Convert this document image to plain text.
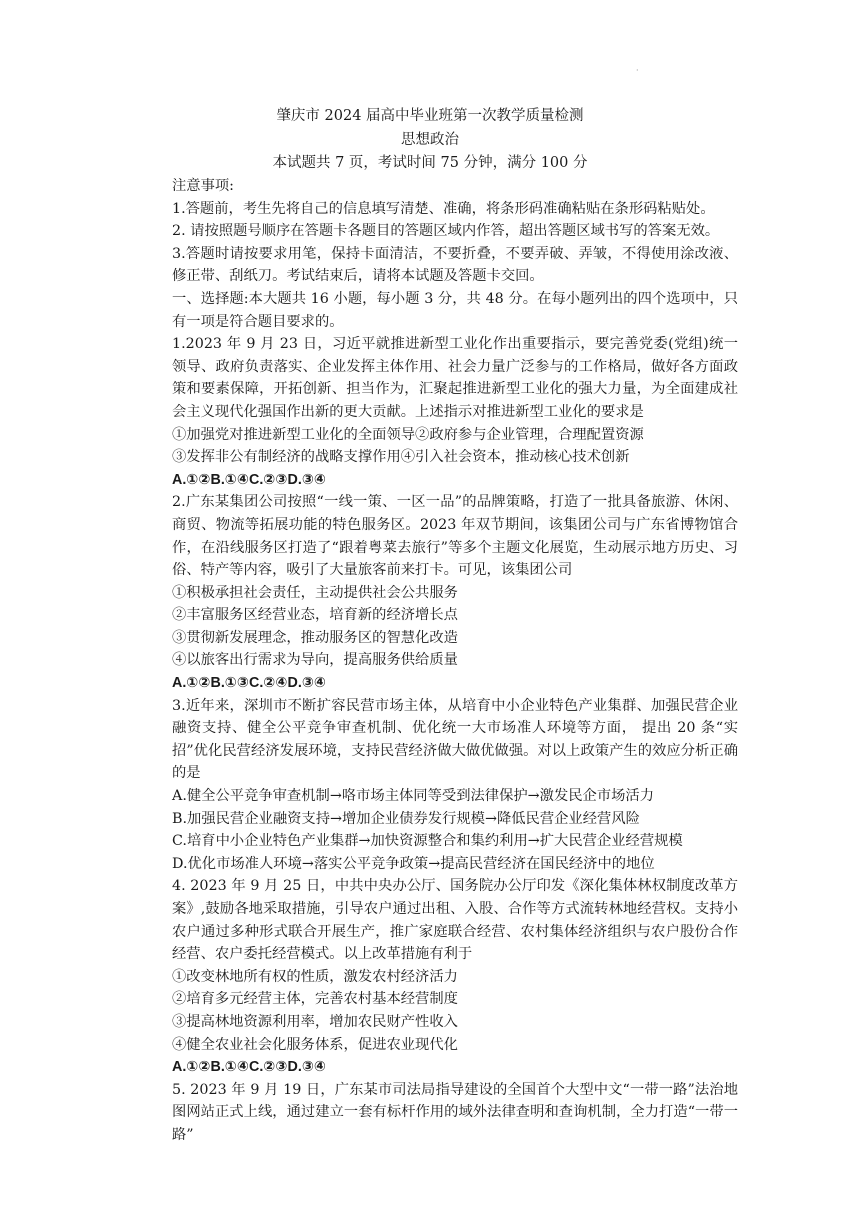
·
肇庆市 2024 届高中毕业班第一次教学质量检测
思想政治
本试题共 7 页，考试时间 75 分钟，满分 100 分

注意事项:

1.答题前，考生先将自己的信息填写清楚、准确，将条形码准确粘贴在条形码粘贴处。

2. 请按照题号顺序在答题卡各题目的答题区域内作答，超出答题区域书写的答案无效。

3.答题时请按要求用笔，保持卡面清洁，不要折叠，不要弄破、弄皱，不得使用涂改液、修正带、刮纸刀。考试结束后，请将本试题及答题卡交回。

一、选择题:本大题共 16 小题，每小题 3 分，共 48 分。在每小题列出的四个选项中，只有一项是符合题目要求的。

1.2023 年 9 月 23 日，习近平就推进新型工业化作出重要指示，要完善党委(党组)统一领导、政府负责落实、企业发挥主体作用、社会力量广泛参与的工作格局，做好各方面政策和要素保障，开拓创新、担当作为，汇聚起推进新型工业化的强大力量，为全面建成社会主义现代化强国作出新的更大贡献。上述指示对推进新型工业化的要求是

①加强党对推进新型工业化的全面领导②政府参与企业管理，合理配置资源

③发挥非公有制经济的战略支撑作用④引入社会资本，推动核心技术创新

A.①②B.①④C.②③D.③④

2.广东某集团公司按照“一线一策、一区一品”的品牌策略，打造了一批具备旅游、休闲、商贸、物流等拓展功能的特色服务区。2023 年双节期间，该集团公司与广东省博物馆合作，在沿线服务区打造了“跟着粤菜去旅行”等多个主题文化展览，生动展示地方历史、习俗、特产等内容，吸引了大量旅客前来打卡。可见，该集团公司

①积极承担社会责任，主动提供社会公共服务

②丰富服务区经营业态，培育新的经济增长点

③贯彻新发展理念，推动服务区的智慧化改造

④以旅客出行需求为导向，提高服务供给质量

A.①②B.①③C.②④D.③④

3.近年来，深圳市不断扩容民营市场主体，从培育中小企业特色产业集群、加强民营企业融资支持、健全公平竞争审查机制、优化统一大市场准人环境等方面， 提出 20 条“实招”优化民营经济发展环境，支持民营经济做大做优做强。对以上政策产生的效应分析正确的是

A.健全公平竞争审查机制→咯市场主体同等受到法律保护→激发民企市场活力

B.加强民营企业融资支持→增加企业债券发行规模→降低民营企业经营风险

C.培育中小企业特色产业集群→加快资源整合和集约利用→扩大民营企业经营规模

D.优化市场准人环境→落实公平竞争政策→提高民营经济在国民经济中的地位

4. 2023 年 9 月 25 日，中共中央办公厅、国务院办公厅印发《深化集体林权制度改革方案》,鼓励各地采取措施，引导农户通过出租、入股、合作等方式流转林地经营权。支持小农户通过多种形式联合开展生产，推广家庭联合经营、农村集体经济组织与农户股份合作经营、农户委托经营模式。以上改革措施有利于

①改变林地所有权的性质，激发农村经济活力

②培育多元经营主体，完善农村基本经营制度

③提高林地资源利用率，增加农民财产性收入

④健全农业社会化服务体系，促进农业现代化

A.①②B.①④C.②③D.③④

5. 2023 年 9 月 19 日，广东某市司法局指导建设的全国首个大型中文“一带一路”法治地图网站正式上线，通过建立一套有标杆作用的域外法律查明和查询机制，全力打造“一带一路”
